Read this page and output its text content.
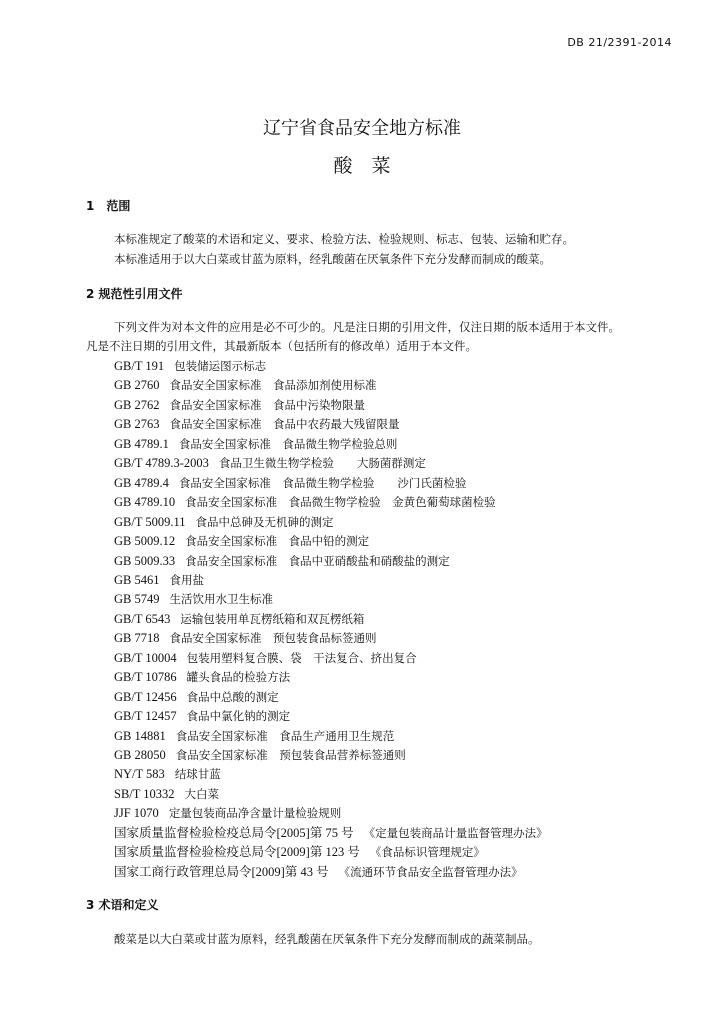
DB 21/2391-2014
辽宁省食品安全地方标准
酸　菜
1　范围
本标准规定了酸菜的术语和定义、要求、检验方法、检验规则、标志、包装、运输和贮存。
本标准适用于以大白菜或甘蓝为原料，经乳酸菌在厌氧条件下充分发酵而制成的酸菜。
2 规范性引用文件
下列文件为对本文件的应用是必不可少的。凡是注日期的引用文件，仅注日期的版本适用于本文件。
凡是不注日期的引用文件，其最新版本（包括所有的修改单）适用于本文件。
GB/T 191 包装储运图示标志
GB 2760 食品安全国家标准　食品添加剂使用标准
GB 2762 食品安全国家标准　食品中污染物限量
GB 2763 食品安全国家标准　食品中农药最大残留限量
GB 4789.1 食品安全国家标准　食品微生物学检验总则
GB/T 4789.3-2003 食品卫生微生物学检验　　大肠菌群测定
GB 4789.4 食品安全国家标准　食品微生物学检验　　沙门氏菌检验
GB 4789.10 食品安全国家标准　食品微生物学检验　金黄色葡萄球菌检验
GB/T 5009.11 食品中总砷及无机砷的测定
GB 5009.12 食品安全国家标准　食品中铅的测定
GB 5009.33 食品安全国家标准　食品中亚硝酸盐和硝酸盐的测定
GB 5461 食用盐
GB 5749 生活饮用水卫生标准
GB/T 6543 运输包装用单瓦楞纸箱和双瓦楞纸箱
GB 7718 食品安全国家标准　预包装食品标签通则
GB/T 10004 包装用塑料复合膜、袋　干法复合、挤出复合
GB/T 10786 罐头食品的检验方法
GB/T 12456 食品中总酸的测定
GB/T 12457 食品中氯化钠的测定
GB 14881 食品安全国家标准　食品生产通用卫生规范
GB 28050 食品安全国家标准　预包装食品营养标签通则
NY/T 583 结球甘蓝
SB/T 10332 大白菜
JJF 1070 定量包装商品净含量计量检验规则
国家质量监督检验检疫总局令[2005]第 75 号 《定量包装商品计量监督管理办法》
国家质量监督检验检疫总局令[2009]第 123 号 《食品标识管理规定》
国家工商行政管理总局令[2009]第 43 号 《流通环节食品安全监督管理办法》
3 术语和定义
酸菜是以大白菜或甘蓝为原料，经乳酸菌在厌氧条件下充分发酵而制成的蔬菜制品。
